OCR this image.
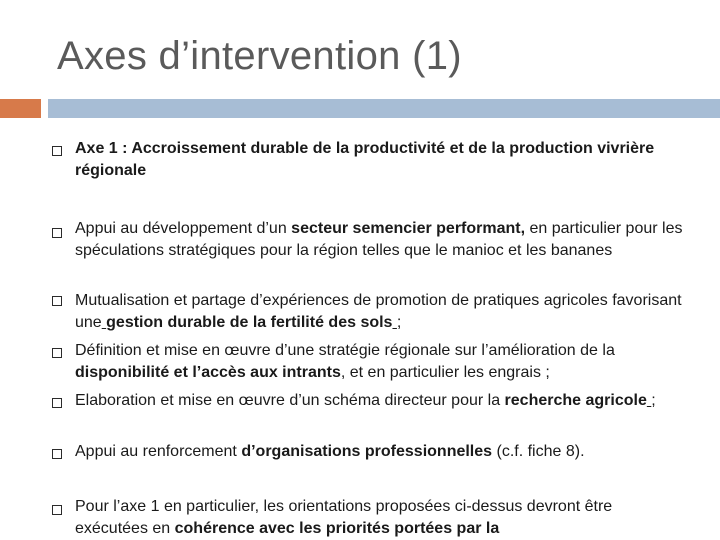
Axes d’intervention (1)
Axe 1 : Accroissement durable de la productivité et de la production vivrière régionale
Appui au développement d’un secteur semencier performant, en particulier pour les spéculations stratégiques pour la région telles que le manioc et les bananes
Mutualisation et partage d’expériences de promotion de pratiques agricoles favorisant une gestion durable de la fertilité des sols ;
Définition et mise en œuvre d’une stratégie régionale sur l’amélioration de la disponibilité et l’accès aux intrants, et en particulier les engrais ;
Elaboration et mise en œuvre d’un schéma directeur pour la recherche agricole ;
Appui au renforcement d’organisations professionnelles (c.f. fiche 8).
Pour l’axe 1 en particulier, les orientations proposées ci-dessus devront être exécutées en cohérence avec les priorités portées par la
